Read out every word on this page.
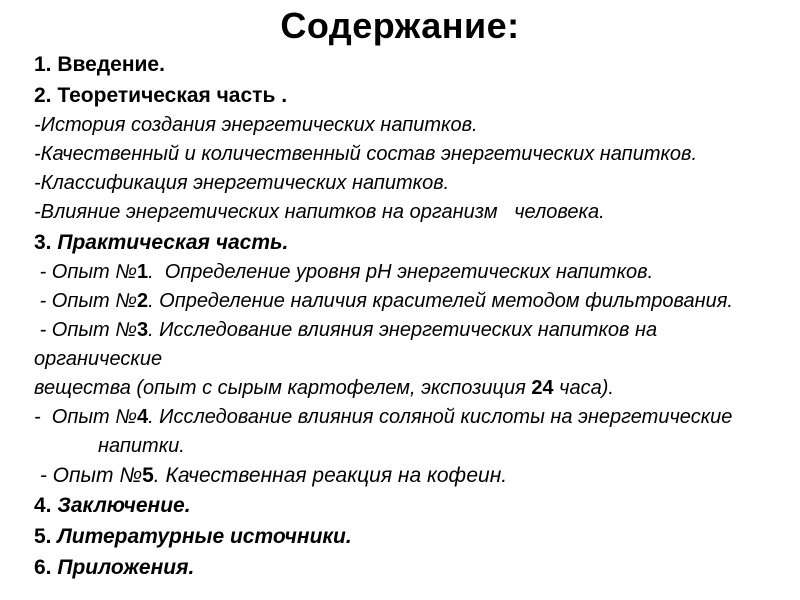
Содержание:
1. Введение.
2. Теоретическая часть .
-История создания энергетических напитков.
-Качественный и количественный состав энергетических напитков.
-Классификация энергетических напитков.
-Влияние энергетических напитков на организм   человека.
3. Практическая часть.
- Опыт №1.  Определение уровня pH энергетических напитков.
- Опыт №2. Определение наличия красителей методом фильтрования.
- Опыт №3. Исследование влияния энергетических напитков на органические
вещества (опыт с сырым картофелем, экспозиция 24 часа).
-  Опыт №4. Исследование влияния соляной кислоты на энергетические
напитки.
- Опыт №5. Качественная реакция на кофеин.
4. Заключение.
5. Литературные источники.
6. Приложения.
